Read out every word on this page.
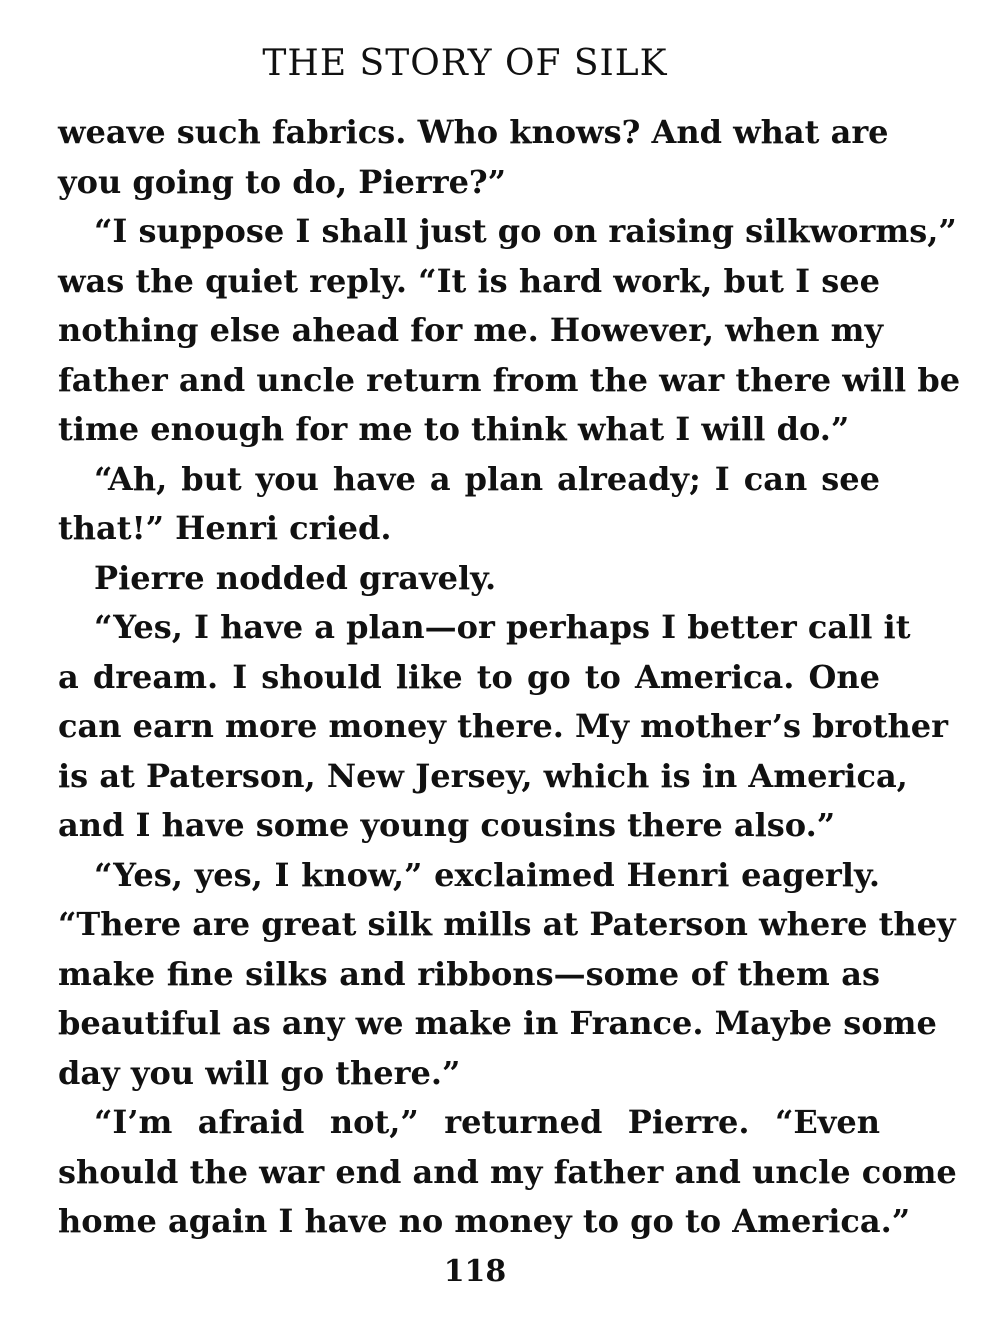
THE STORY OF SILK
weave such fabrics. Who knows? And what are
you going to do, Pierre?”
“I suppose I shall just go on raising silkworms,”
was the quiet reply. “It is hard work, but I see
nothing else ahead for me. However, when my
father and uncle return from the war there will be
time enough for me to think what I will do.”
“Ah, but you have a plan already; I can see
that!” Henri cried.
Pierre nodded gravely.
“Yes, I have a plan—or perhaps I better call it
a dream. I should like to go to America. One
can earn more money there. My mother’s brother
is at Paterson, New Jersey, which is in America,
and I have some young cousins there also.”
“Yes, yes, I know,” exclaimed Henri eagerly.
“There are great silk mills at Paterson where they
make fine silks and ribbons—some of them as
beautiful as any we make in France. Maybe some
day you will go there.”
“I’m afraid not,” returned Pierre. “Even
should the war end and my father and uncle come
home again I have no money to go to America.”
118
